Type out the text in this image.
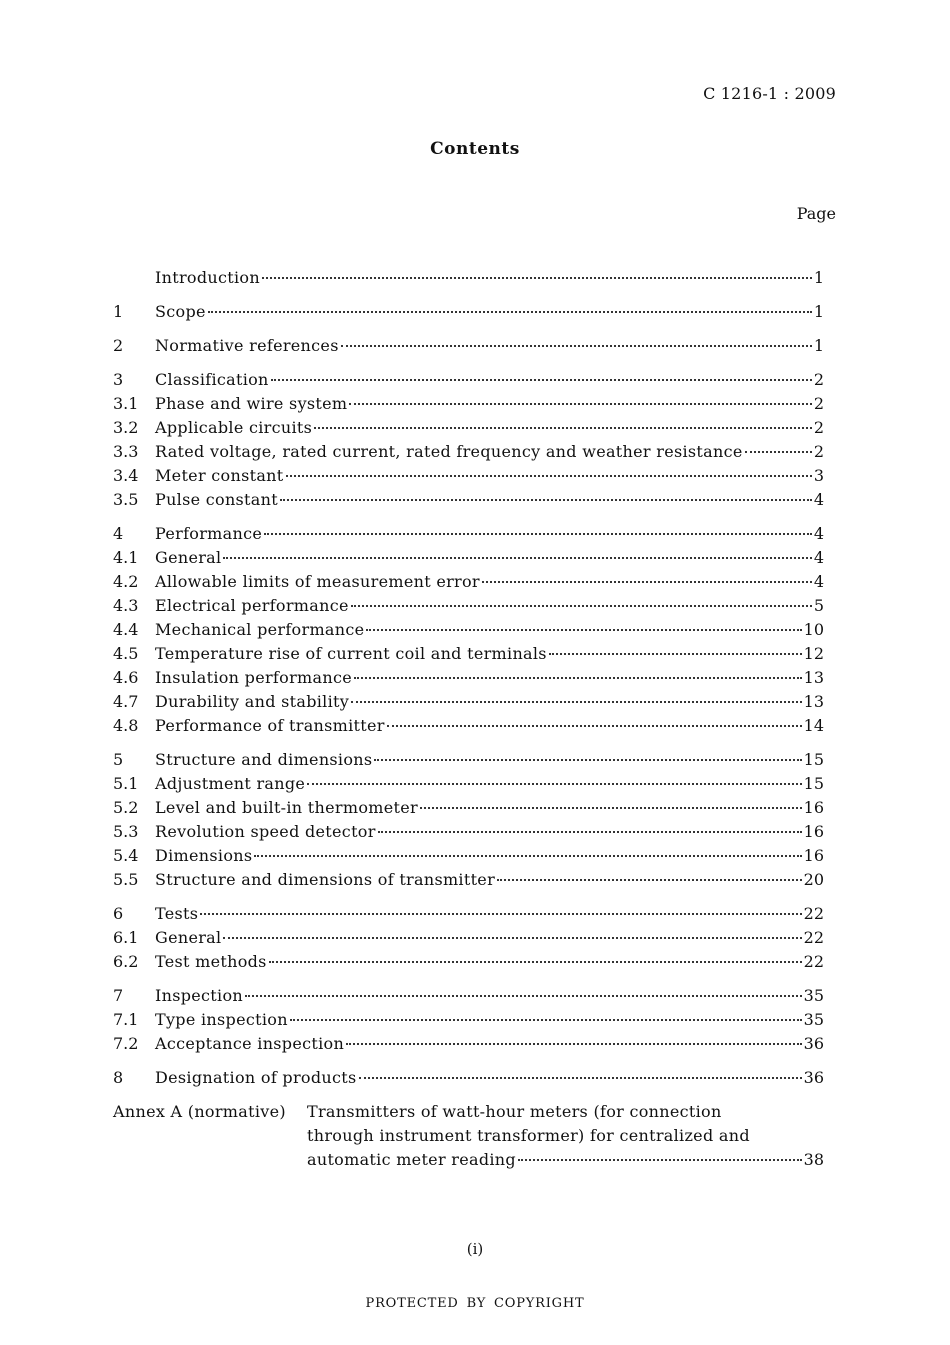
C 1216-1 : 2009
Contents
Page
Introduction	1
1	Scope	1
2	Normative references	1
3	Classification	2
3.1	Phase and wire system	2
3.2	Applicable circuits	2
3.3	Rated voltage, rated current, rated frequency and weather resistance	2
3.4	Meter constant	3
3.5	Pulse constant	4
4	Performance	4
4.1	General	4
4.2	Allowable limits of measurement error	4
4.3	Electrical performance	5
4.4	Mechanical performance	10
4.5	Temperature rise of current coil and terminals	12
4.6	Insulation performance	13
4.7	Durability and stability	13
4.8	Performance of transmitter	14
5	Structure and dimensions	15
5.1	Adjustment range	15
5.2	Level and built-in thermometer	16
5.3	Revolution speed detector	16
5.4	Dimensions	16
5.5	Structure and dimensions of transmitter	20
6	Tests	22
6.1	General	22
6.2	Test methods	22
7	Inspection	35
7.1	Type inspection	35
7.2	Acceptance inspection	36
8	Designation of products	36
Annex A (normative)	Transmitters of watt-hour meters (for connection
through instrument transformer) for centralized and
automatic meter reading	38
(i)
PROTECTED BY COPYRIGHT
